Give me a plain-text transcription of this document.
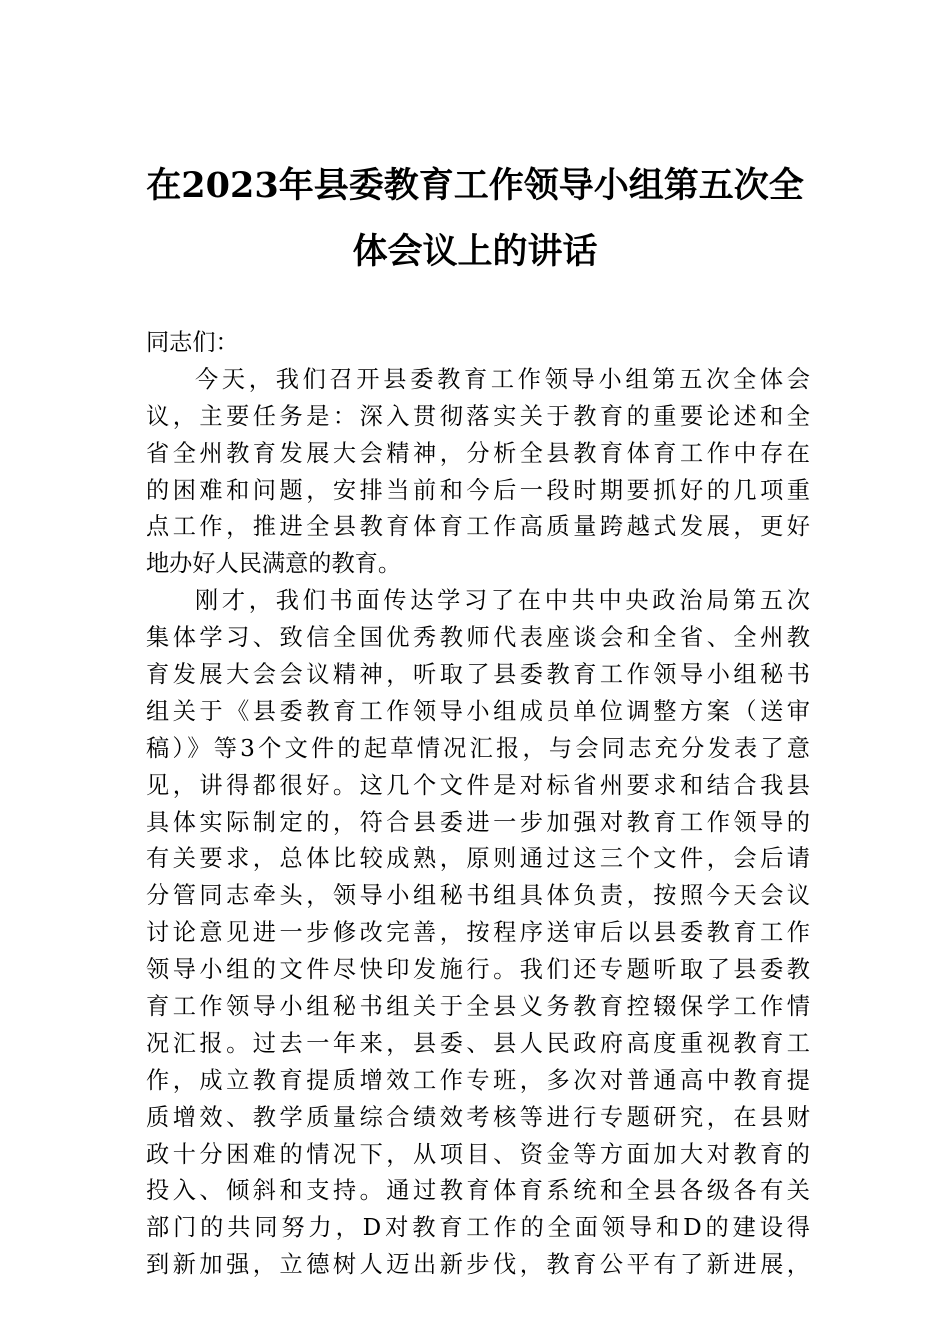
在2023年县委教育工作领导小组第五次全
体会议上的讲话
同志们：
今天，我们召开县委教育工作领导小组第五次全体会
议，主要任务是：深入贯彻落实关于教育的重要论述和全
省全州教育发展大会精神，分析全县教育体育工作中存在
的困难和问题，安排当前和今后一段时期要抓好的几项重
点工作，推进全县教育体育工作高质量跨越式发展，更好
地办好人民满意的教育。
刚才，我们书面传达学习了在中共中央政治局第五次
集体学习、致信全国优秀教师代表座谈会和全省、全州教
育发展大会会议精神，听取了县委教育工作领导小组秘书
组关于《县委教育工作领导小组成员单位调整方案（送审
稿）》等3个文件的起草情况汇报，与会同志充分发表了意
见，讲得都很好。这几个文件是对标省州要求和结合我县
具体实际制定的，符合县委进一步加强对教育工作领导的
有关要求，总体比较成熟，原则通过这三个文件，会后请
分管同志牵头，领导小组秘书组具体负责，按照今天会议
讨论意见进一步修改完善，按程序送审后以县委教育工作
领导小组的文件尽快印发施行。我们还专题听取了县委教
育工作领导小组秘书组关于全县义务教育控辍保学工作情
况汇报。过去一年来，县委、县人民政府高度重视教育工
作，成立教育提质增效工作专班，多次对普通高中教育提
质增效、教学质量综合绩效考核等进行专题研究，在县财
政十分困难的情况下，从项目、资金等方面加大对教育的
投入、倾斜和支持。通过教育体育系统和全县各级各有关
部门的共同努力，D对教育工作的全面领导和D的建设得
到新加强，立德树人迈出新步伐，教育公平有了新进展，
